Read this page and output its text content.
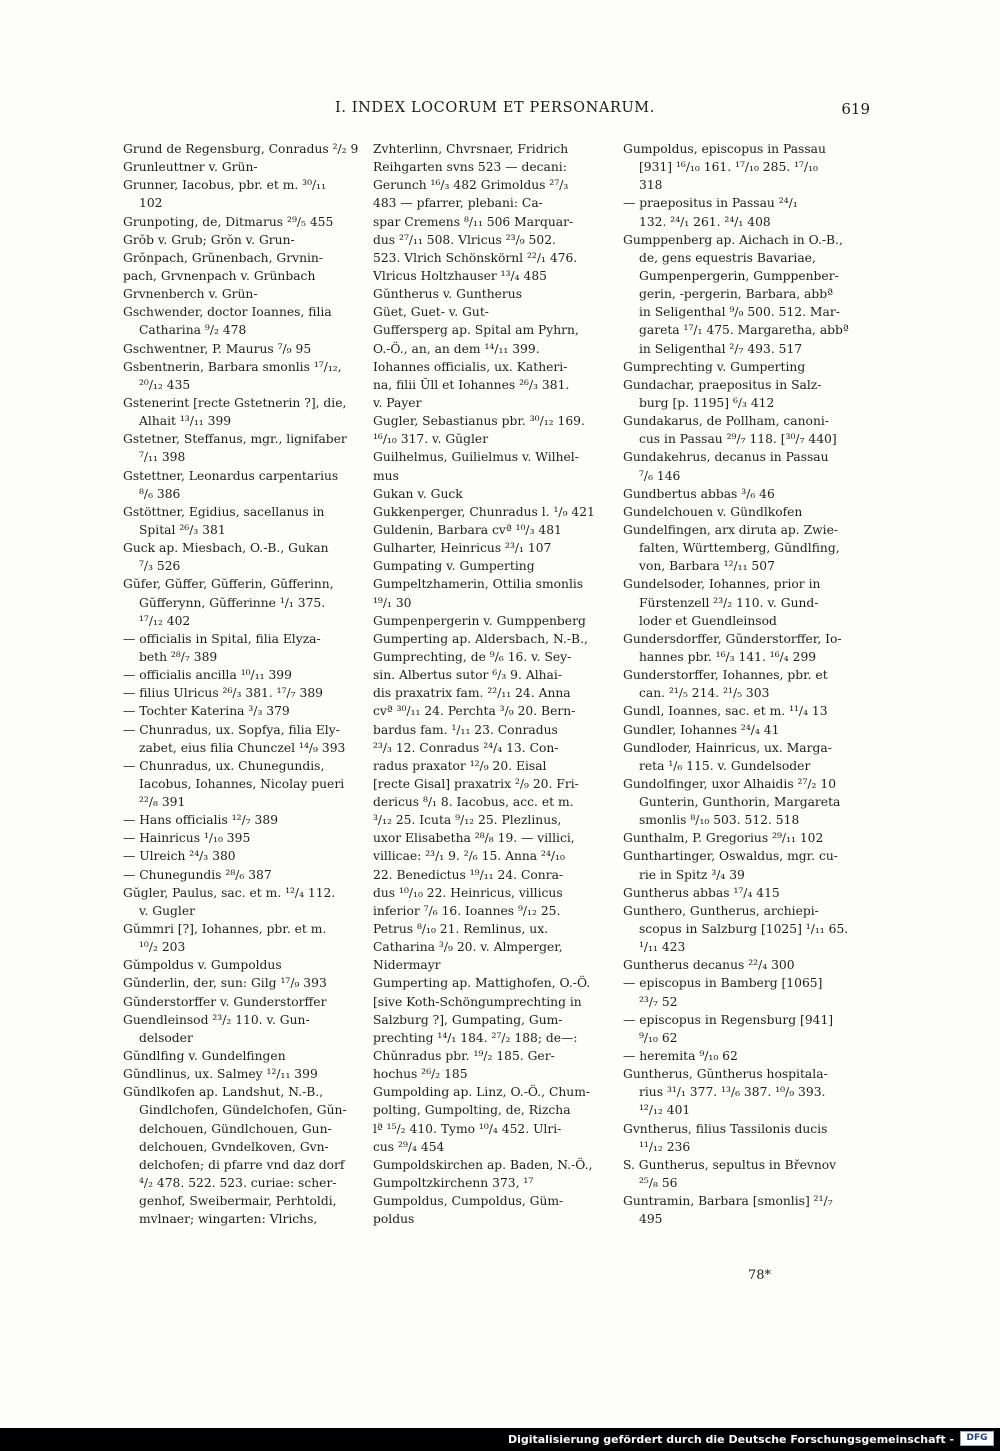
I. INDEX LOCORUM ET PERSONARUM.	619
Grund de Regensburg, Conradus ²/₂ 9
Grunleuttner v. Grün-
Grunner, Iacobus, pbr. et m. ³⁰/₁₁
102
Grunpoting, de, Ditmarus ²⁹/₅ 455
Grŏb v. Grub; Grŏn v. Grun-
Grŏnpach, Grŭnenbach, Grvnin-
pach, Grvnenpach v. Grünbach
Grvnenberch v. Grün-
Gschwender, doctor Ioannes, filia
Catharina ⁹/₂ 478
Gschwentner, P. Maurus ⁷/₉ 95
Gsbentnerin, Barbara smonlis ¹⁷/₁₂,
²⁰/₁₂ 435
Gstenerint [recte Gstetnerin ?], die,
Alhait ¹³/₁₁ 399
Gstetner, Steffanus, mgr., lignifaber
⁷/₁₁ 398
Gstettner, Leonardus carpentarius
⁸/₆ 386
Gstöttner, Egidius, sacellanus in
Spital ²⁶/₃ 381
Guck ap. Miesbach, O.-B., Gukan
⁷/₃ 526
Gŭfer, Gŭffer, Gŭfferin, Gŭfferinn,
Gŭfferynn, Gŭfferinne ¹/₁ 375.
¹⁷/₁₂ 402
— officialis in Spital, filia Elyza-
beth ²⁸/₇ 389
— officialis ancilla ¹⁰/₁₁ 399
— filius Ulricus ²⁶/₃ 381. ¹⁷/₇ 389
— Tochter Katerina ³/₃ 379
— Chunradus, ux. Sopfya, filia Ely-
zabet, eius filia Chunczel ¹⁴/₉ 393
— Chunradus, ux. Chunegundis,
Iacobus, Iohannes, Nicolay pueri
²²/₈ 391
— Hans officialis ¹²/₇ 389
— Hainricus ¹/₁₀ 395
— Ulreich ²⁴/₃ 380
— Chunegundis ²⁸/₆ 387
Gŭgler, Paulus, sac. et m. ¹²/₄ 112.
v. Gugler
Gŭmmri [?], Iohannes, pbr. et m.
¹⁰/₂ 203
Gŭmpoldus v. Gumpoldus
Gŭnderlin, der, sun: Gilg ¹⁷/₉ 393
Gŭnderstorffer v. Gunderstorffer
Guendleinsod ²³/₂ 110. v. Gun-
delsoder
Gŭndlfing v. Gundelfingen
Gŭndlinus, ux. Salmey ¹²/₁₁ 399
Gŭndlkofen ap. Landshut, N.-B.,
Gindlchofen, Gündelchofen, Gŭn-
delchouen, Gündlchouen, Gun-
delchouen, Gvndelkoven, Gvn-
delchofen; di pfarre vnd daz dorf
⁴/₂ 478. 522. 523. curiae: scher-
genhof, Sweibermair, Perhtoldi,
mvlnaer; wingarten: Vlrichs,
Zvhterlinn, Chvrsnaer, Fridrich
Reihgarten svns 523 — decani:
Gerunch ¹⁶/₃ 482 Grimoldus ²⁷/₃
483 — pfarrer, plebani: Ca-
spar Cremens ⁸/₁₁ 506 Marquar-
dus ²⁷/₁₁ 508. Vlricus ²³/₉ 502.
523. Vlrich Schönskörnl ²²/₁ 476.
Vlricus Holtzhauser ¹³/₄ 485
Gŭntherus v. Guntherus
Güet, Guet- v. Gut-
Guffersperg ap. Spital am Pyhrn,
O.-Ö., an, an dem ¹⁴/₁₁ 399.
Iohannes officialis, ux. Katheri-
na, filii Ŭll et Iohannes ²⁶/₃ 381.
v. Payer
Gugler, Sebastianus pbr. ³⁰/₁₂ 169.
¹⁶/₁₀ 317. v. Gŭgler
Guilhelmus, Guilielmus v. Wilhel-
mus
Gukan v. Guck
Gukkenperger, Chunradus l. ¹/₉ 421
Guldenin, Barbara cvª ¹⁰/₃ 481
Gulharter, Heinricus ²³/₁ 107
Gumpating v. Gumperting
Gumpeltzhamerin, Ottilia smonlis
¹⁹/₁ 30
Gumpenpergerin v. Gumppenberg
Gumperting ap. Aldersbach, N.-B.,
Gumprechting, de ⁹/₆ 16. v. Sey-
sin. Albertus sutor ⁶/₃ 9. Alhai-
dis praxatrix fam. ²²/₁₁ 24. Anna
cvª ³⁰/₁₁ 24. Perchta ³/₉ 20. Bern-
bardus fam. ¹/₁₁ 23. Conradus
²³/₃ 12. Conradus ²⁴/₄ 13. Con-
radus praxator ¹²/₉ 20. Eisal
[recte Gisal] praxatrix ²/₉ 20. Fri-
dericus ⁸/₁ 8. Iacobus, acc. et m.
³/₁₂ 25. Icuta ⁹/₁₂ 25. Plezlinus,
uxor Elisabetha ²⁸/₈ 19. — villici,
villicae: ²³/₁ 9. ²/₆ 15. Anna ²⁴/₁₀
22. Benedictus ¹⁹/₁₁ 24. Conra-
dus ¹⁰/₁₀ 22. Heinricus, villicus
inferior ⁷/₆ 16. Ioannes ⁹/₁₂ 25.
Petrus ⁸/₁₀ 21. Remlinus, ux.
Catharina ³/₉ 20. v. Almperger,
Nidermayr
Gumperting ap. Mattighofen, O.-Ö.
[sive Koth-Schöngumprechting in
Salzburg ?], Gumpating, Gum-
prechting ¹⁴/₁ 184. ²⁷/₂ 188; de—:
Chŭnradus pbr. ¹⁹/₂ 185. Ger-
hochus ²⁶/₂ 185
Gumpolding ap. Linz, O.-Ö., Chum-
polting, Gumpolting, de, Rizcha
lª ¹⁵/₂ 410. Tymo ¹⁰/₄ 452. Ulri-
cus ²⁹/₄ 454
Gumpoldskirchen ap. Baden, N.-Ö.,
Gumpoltzkirchenn 373, ¹⁷
Gumpoldus, Cumpoldus, Güm-
poldus
Gumpoldus, episcopus in Passau
[931] ¹⁶/₁₀ 161. ¹⁷/₁₀ 285. ¹⁷/₁₀
318
— praepositus in Passau ²⁴/₁
132. ²⁴/₁ 261. ²⁴/₁ 408
Gumppenberg ap. Aichach in O.-B.,
de, gens equestris Bavariae,
Gumpenpergerin, Gumppenber-
gerin, -pergerin, Barbara, abbª
in Seligenthal ⁹/₉ 500. 512. Mar-
gareta ¹⁷/₁ 475. Margaretha, abbª
in Seligenthal ²/₇ 493. 517
Gumprechting v. Gumperting
Gundachar, praepositus in Salz-
burg [p. 1195] ⁶/₃ 412
Gundakarus, de Pollham, canoni-
cus in Passau ²⁹/₇ 118. [³⁰/₇ 440]
Gundakehrus, decanus in Passau
⁷/₆ 146
Gundbertus abbas ³/₆ 46
Gundelchouen v. Gündlkofen
Gundelfingen, arx diruta ap. Zwie-
falten, Württemberg, Gŭndlfing,
von, Barbara ¹²/₁₁ 507
Gundelsoder, Iohannes, prior in
Fürstenzell ²³/₂ 110. v. Gund-
loder et Guendleinsod
Gundersdorffer, Gŭnderstorffer, Io-
hannes pbr. ¹⁶/₃ 141. ¹⁶/₄ 299
Gunderstorffer, Iohannes, pbr. et
can. ²¹/₅ 214. ²¹/₅ 303
Gundl, Ioannes, sac. et m. ¹¹/₄ 13
Gundler, Iohannes ²⁴/₄ 41
Gundloder, Hainricus, ux. Marga-
reta ¹/₆ 115. v. Gundelsoder
Gundolfinger, uxor Alhaidis ²⁷/₂ 10
Gunterin, Gunthorin, Margareta
smonlis ⁸/₁₀ 503. 512. 518
Gunthalm, P. Gregorius ²⁹/₁₁ 102
Gunthartinger, Oswaldus, mgr. cu-
rie in Spitz ³/₄ 39
Guntherus abbas ¹⁷/₄ 415
Gunthero, Guntherus, archiepi-
scopus in Salzburg [1025] ¹/₁₁ 65.
¹/₁₁ 423
Guntherus decanus ²²/₄ 300
— episcopus in Bamberg [1065]
²³/₇ 52
— episcopus in Regensburg [941]
⁹/₁₀ 62
— heremita ⁹/₁₀ 62
Guntherus, Gŭntherus hospitala-
rius ³¹/₁ 377. ¹³/₆ 387. ¹⁰/₉ 393.
¹²/₁₂ 401
Gvntherus, filius Tassilonis ducis
¹¹/₁₂ 236
S. Guntherus, sepultus in Břevnov
²⁵/₈ 56
Guntramin, Barbara [smonlis] ²¹/₇
495
78*
Digitalisierung gefördert durch die Deutsche Forschungsgemeinschaft -	DFG
